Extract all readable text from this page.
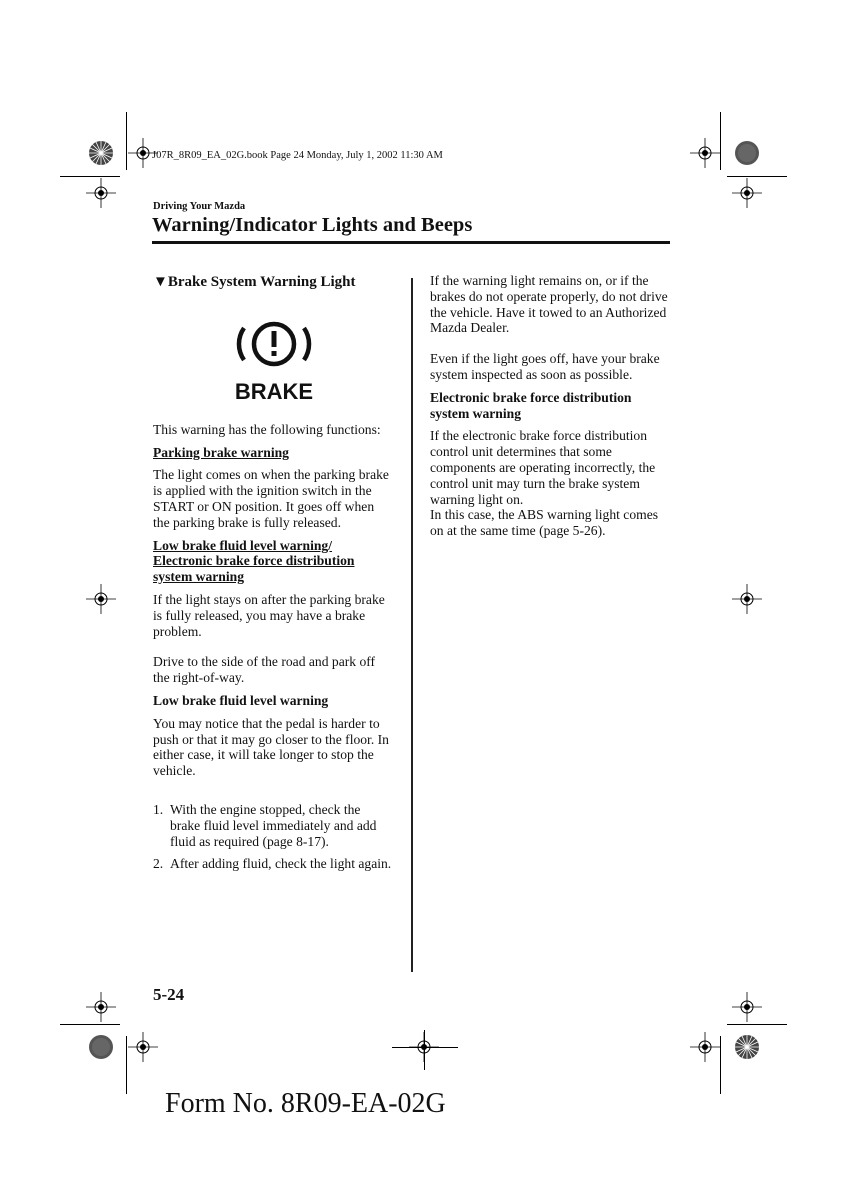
J07R_8R09_EA_02G.book Page 24 Monday, July 1, 2002 11:30 AM
Driving Your Mazda
Warning/Indicator Lights and Beeps

▼Brake System Warning Light

BRAKE

This warning has the following functions:

Parking brake warning

The light comes on when the parking brake is applied with the ignition switch in the START or ON position. It goes off when the parking brake is fully released.

Low brake fluid level warning/
Electronic brake force distribution
system warning

If the light stays on after the parking brake is fully released, you may have a brake problem.

Drive to the side of the road and park off the right-of-way.

Low brake fluid level warning

You may notice that the pedal is harder to push or that it may go closer to the floor. In either case, it will take longer to stop the vehicle.

1. With the engine stopped, check the brake fluid level immediately and add fluid as required (page 8-17).
2. After adding fluid, check the light again.

If the warning light remains on, or if the brakes do not operate properly, do not drive the vehicle. Have it towed to an Authorized Mazda Dealer.

Even if the light goes off, have your brake system inspected as soon as possible.

Electronic brake force distribution system warning

If the electronic brake force distribution control unit determines that some components are operating incorrectly, the control unit may turn the brake system warning light on.

In this case, the ABS warning light comes on at the same time (page 5-26).

5-24
Form No. 8R09-EA-02G
